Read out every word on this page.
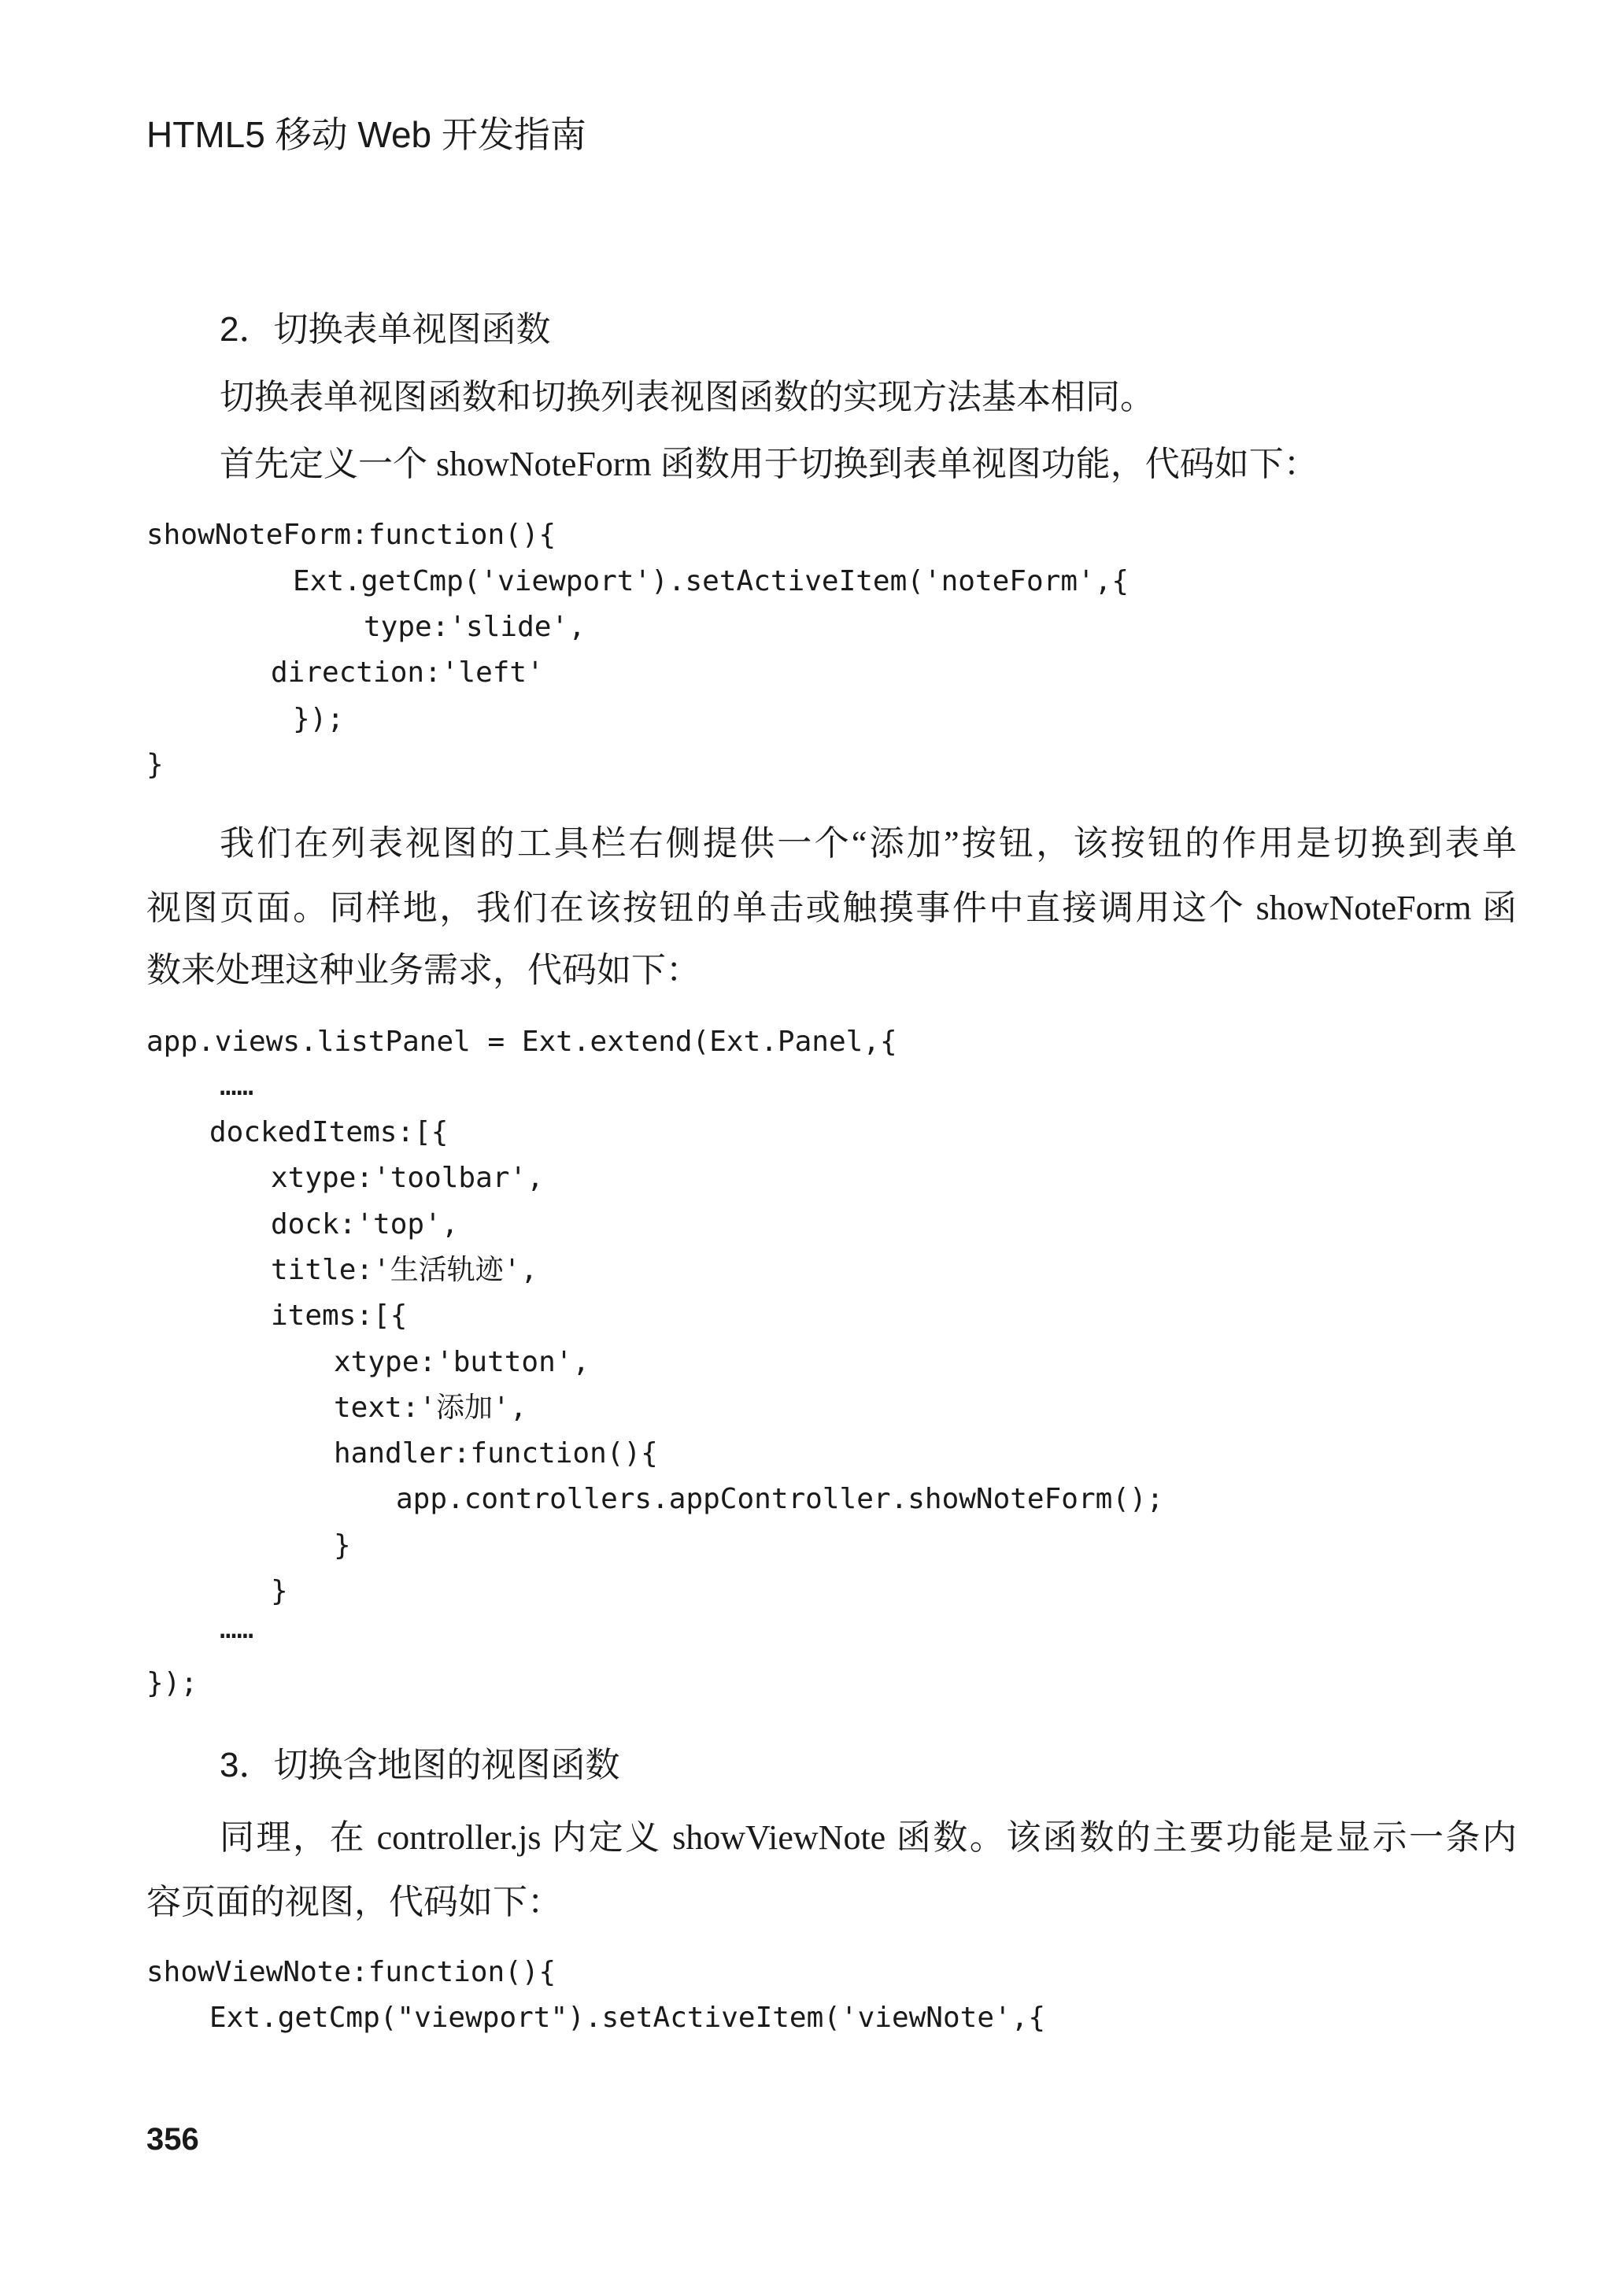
HTML5 移动 Web 开发指南
2．切换表单视图函数
切换表单视图函数和切换列表视图函数的实现方法基本相同。
首先定义一个 showNoteForm 函数用于切换到表单视图功能，代码如下：
showNoteForm:function(){
Ext.getCmp('viewport').setActiveItem('noteForm',{
type:'slide',
direction:'left'
});
}
我们在列表视图的工具栏右侧提供一个“添加”按钮，该按钮的作用是切换到表单
视图页面。同样地，我们在该按钮的单击或触摸事件中直接调用这个 showNoteForm 函
数来处理这种业务需求，代码如下：
app.views.listPanel = Ext.extend(Ext.Panel,{
……
dockedItems:[{
xtype:'toolbar',
dock:'top',
title:'生活轨迹',
items:[{
xtype:'button',
text:'添加',
handler:function(){
app.controllers.appController.showNoteForm();
}
}
……
});
3．切换含地图的视图函数
同理，在 controller.js 内定义 showViewNote 函数。该函数的主要功能是显示一条内
容页面的视图，代码如下：
showViewNote:function(){
Ext.getCmp("viewport").setActiveItem('viewNote',{
356
